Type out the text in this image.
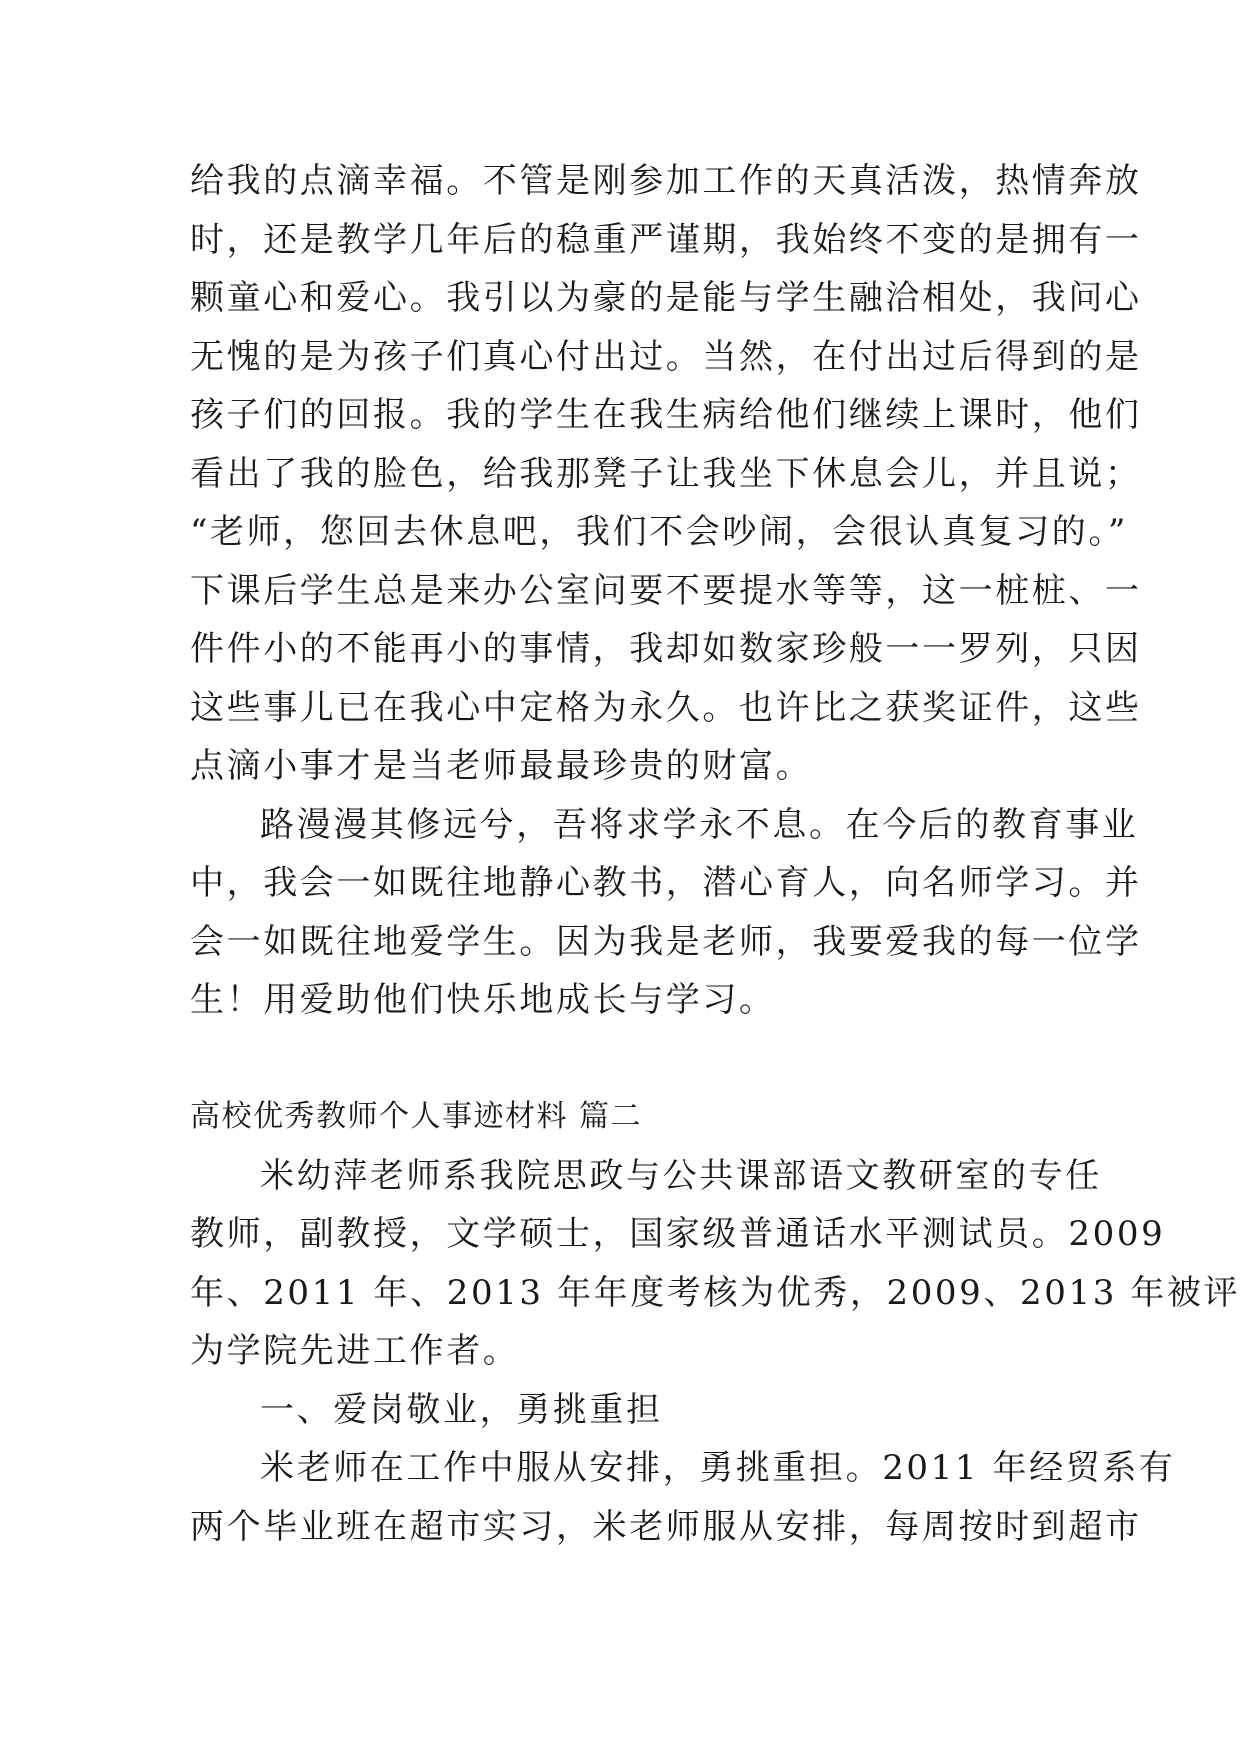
给我的点滴幸福。不管是刚参加工作的天真活泼，热情奔放
时，还是教学几年后的稳重严谨期，我始终不变的是拥有一
颗童心和爱心。我引以为豪的是能与学生融洽相处，我问心
无愧的是为孩子们真心付出过。当然，在付出过后得到的是
孩子们的回报。我的学生在我生病给他们继续上课时，他们
看出了我的脸色，给我那凳子让我坐下休息会儿，并且说；
“老师，您回去休息吧，我们不会吵闹，会很认真复习的。”
下课后学生总是来办公室问要不要提水等等，这一桩桩、一
件件小的不能再小的事情，我却如数家珍般一一罗列，只因
这些事儿已在我心中定格为永久。也许比之获奖证件，这些
点滴小事才是当老师最最珍贵的财富。
路漫漫其修远兮，吾将求学永不息。在今后的教育事业
中，我会一如既往地静心教书，潜心育人，向名师学习。并
会一如既往地爱学生。因为我是老师，我要爱我的每一位学
生！用爱助他们快乐地成长与学习。
高校优秀教师个人事迹材料 篇二
米幼萍老师系我院思政与公共课部语文教研室的专任
教师，副教授，文学硕士，国家级普通话水平测试员。2009
年、2011 年、2013 年年度考核为优秀，2009、2013 年被评
为学院先进工作者。
一、爱岗敬业，勇挑重担
米老师在工作中服从安排，勇挑重担。2011 年经贸系有
两个毕业班在超市实习，米老师服从安排，每周按时到超市
